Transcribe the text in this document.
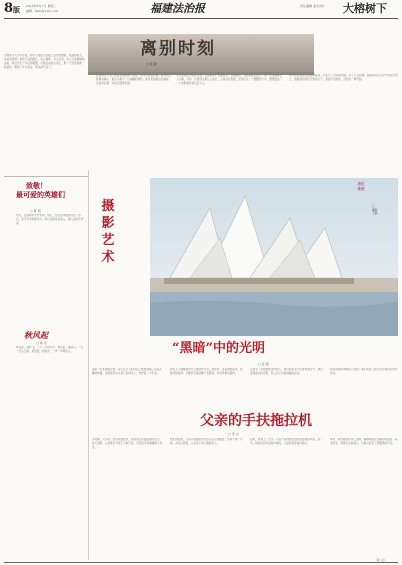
8版 2016年6月7日 星期二
编辑：fjnfz@126.com	福建法治报	责任编辑 美术设计 大榕树下
离别时刻
□ 杨 静
记得那年大学毕业时，同学们收拾行装踏上各自的旅程。离别的那天，车站里挤满了依依不舍的面孔，有人拥抱，有人流泪，有人只是静静地站着。我们约定十年后再相聚，可是后来各自奔忙，那一个约定就像一枚落叶，飘进了岁月深处，再也找不到了。
此后的日子里，我常常想起那个站台。火车开动的时候，窗外的人影越来越小，最后只剩下一片模糊的颜色。那是青春最后的模样，也是我们第一次真正懂得告别。
人生总是在不断地告别。告别故乡，告别亲人，告别朋友，告别曾经的自己。每一次离别都让人心痛，可每一次离别又都让人成长。正是这些离别，把我们从一个懵懂的少年，慢慢变成了一个能够承担责任的大人。
如今再回想那些离别的时刻，心里少了当初的伤感，多了几分感激。感谢那些在生命中出现过的人，感谢那些陪伴过我的日子。离别不是结束，而是另一种开始。
致敬！
最可爱的英雄们
□ 陈 明
你们，在黑暗中守护光明；你们，在危险中挺身而出；你们，在平凡中铸就伟大。你们是最可爱的人，是人民的守护者。
秋风起
□ 林 华
秋风起，落叶飞，一片一片向远方；秋风起，雁南归，一行一行入云端；秋风起，思故乡，一声一声唤亲人。
摄影艺术
悉尼歌剧
□ 摄影 王磊
“黑暗”中的光明
□ 张 强
他是一名普通的民警，每天在平凡的岗位上默默奉献。夜深人静的时候，他依然坚守在自己的岗位上，守护着一方平安。
很多人不理解他为什么要这样辛苦，他却说：这是我的职责，也是我的信仰。只要老百姓能睡个安稳觉，再苦再累也值得。
正是有了无数像他这样的人，我们的生活才变得更加安宁。他们是黑暗中的光明，是人民心中最温暖的存在。
向这些默默奉献的人致敬！他们用自己的行动诠释着忠诚与担当。
父亲的手扶拖拉机
□ 李 文
小时候，父亲有一台手扶拖拉机，那是我们家最值钱的家当。每天清晨，父亲都会开着它下地干活，突突的声音响遍整个村庄。
农忙的时候，父亲开着拖拉机帮乡亲们运送粮食，从来不收一分钱。乡亲们都说，父亲是个热心肠的好人。
后来，我考上了大学，父亲开着拖拉机送我到县城的车站。那一天，拖拉机的声音格外响亮，父亲的背影格外高大。
如今，那台拖拉机早已退休，静静地停在老屋的角落里。每次回家，我都会去看看它，仿佛又听见了那熟悉的声音。
（李 文）
